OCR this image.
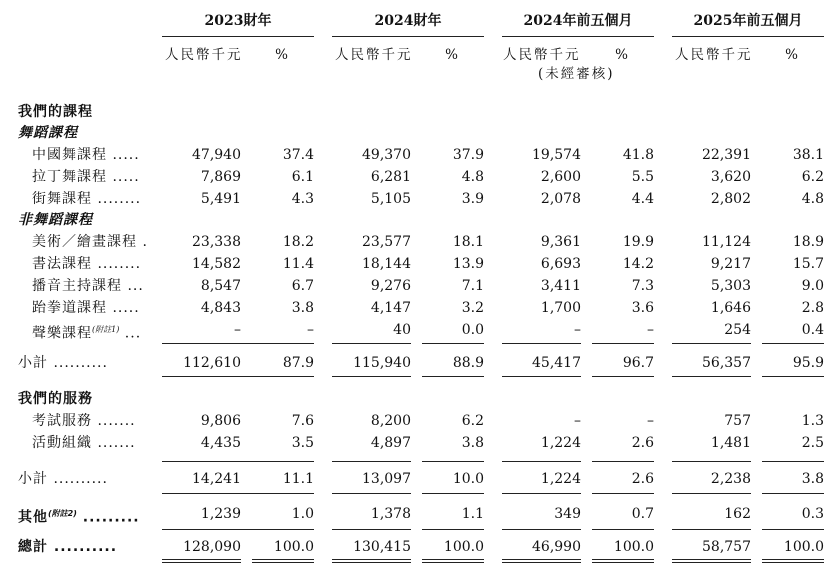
2023財年	2024財年	2024年前五個月	2025年前五個月
人民幣千元	%	人民幣千元	%	人民幣千元	%
(未經審核)
人民幣千元	%
我們的課程
舞蹈課程
非舞蹈課程
我們的服務
中國舞課程 .....	47,940	37.4	49,370	37.9	19,574	41.8	22,391	38.1
拉丁舞課程 .....	7,869	6.1	6,281	4.8	2,600	5.5	3,620	6.2
街舞課程 ........	5,491	4.3	5,105	3.9	2,078	4.4	2,802	4.8
美術／繪畫課程 .	23,338	18.2	23,577	18.1	9,361	19.9	11,124	18.9
書法課程 ........	14,582	11.4	18,144	13.9	6,693	14.2	9,217	15.7
播音主持課程 ...	8,547	6.7	9,276	7.1	3,411	7.3	5,303	9.0
跆拳道課程 .....	4,843	3.8	4,147	3.2	1,700	3.6	1,646	2.8
聲樂課程$^{(附註1)}$ ...	–	–	40	0.0	–	–	254	0.4
小計 ..........	112,610	87.9	115,940	88.9	45,417	96.7	56,357	95.9
考試服務 .......	9,806	7.6	8,200	6.2	–	–	757	1.3
活動組織 .......	4,435	3.5	4,897	3.8	1,224	2.6	1,481	2.5
小計 ..........	14,241	11.1	13,097	10.0	1,224	2.6	2,238	3.8
其他$^{(附註2)}$ .........	1,239	1.0	1,378	1.1	349	0.7	162	0.3
總計 ..........	128,090	100.0	130,415	100.0	46,990	100.0	58,757	100.0
